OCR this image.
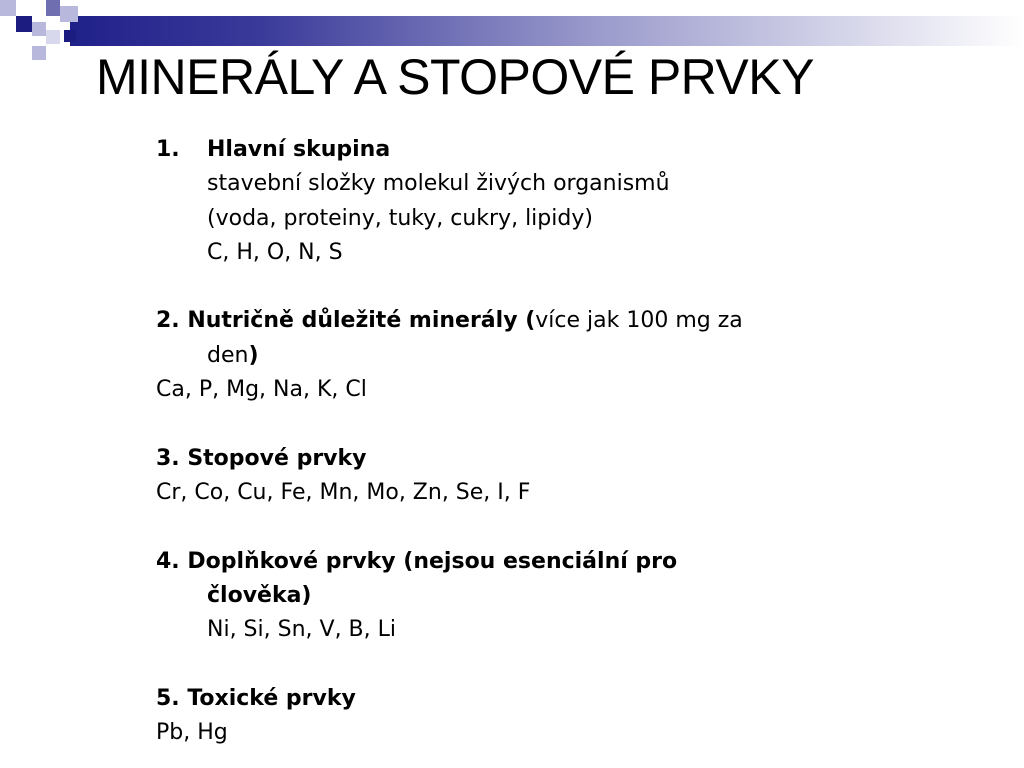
MINERÁLY A STOPOVÉ PRVKY
1. Hlavní skupina
stavební složky molekul živých organismů
(voda, proteiny, tuky, cukry, lipidy)
C, H, O, N, S
2. Nutričně důležité minerály (více jak 100 mg za
den)
Ca, P, Mg, Na, K, Cl
3. Stopové prvky
Cr, Co, Cu, Fe, Mn, Mo, Zn, Se, I, F
4. Doplňkové prvky (nejsou esenciální pro
člověka)
Ni, Si, Sn, V, B, Li
5. Toxické prvky
Pb, Hg
